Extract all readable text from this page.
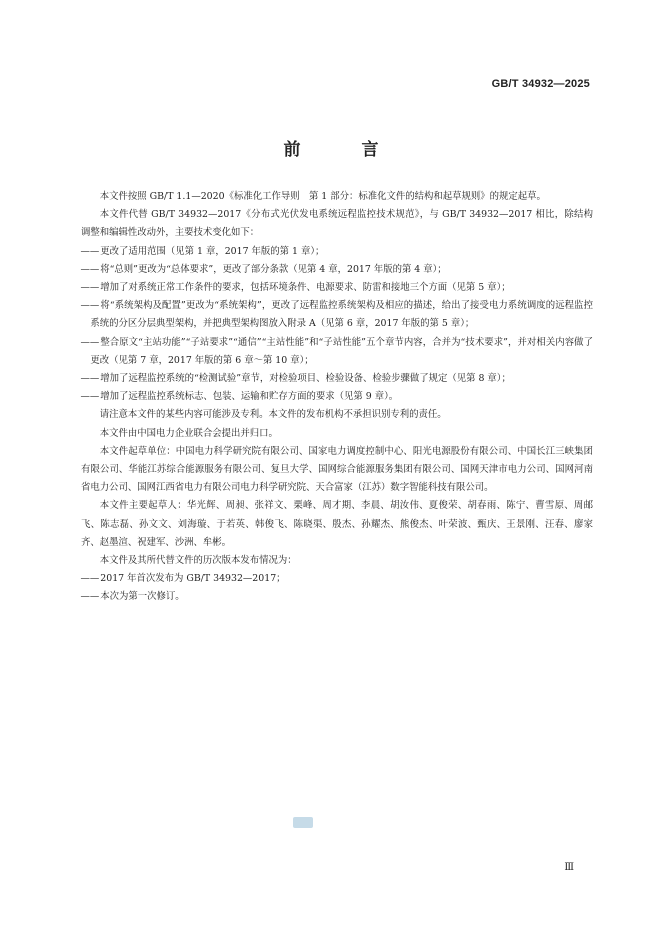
GB/T 34932—2025
前　言

本文件按照 GB/T 1.1—2020《标准化工作导则　第 1 部分：标准化文件的结构和起草规则》的规定起草。

本文件代替 GB/T 34932—2017《分布式光伏发电系统远程监控技术规范》，与 GB/T 34932—2017 相比，除结构调整和编辑性改动外，主要技术变化如下：

——更改了适用范围（见第 1 章，2017 年版的第 1 章）；

——将“总则”更改为“总体要求”，更改了部分条款（见第 4 章，2017 年版的第 4 章）；

——增加了对系统正常工作条件的要求，包括环境条件、电源要求、防雷和接地三个方面（见第 5 章）；

——将“系统架构及配置”更改为“系统架构”，更改了远程监控系统架构及相应的描述，给出了接受电力系统调度的远程监控系统的分区分层典型架构，并把典型架构图放入附录 A（见第 6 章，2017 年版的第 5 章）；

——整合原文“主站功能”“子站要求”“通信”“主站性能”和“子站性能”五个章节内容，合并为“技术要求”，并对相关内容做了更改（见第 7 章，2017 年版的第 6 章～第 10 章）；

——增加了远程监控系统的“检测试验”章节，对检验项目、检验设备、检验步骤做了规定（见第 8 章）；

——增加了远程监控系统标志、包装、运输和贮存方面的要求（见第 9 章）。

请注意本文件的某些内容可能涉及专利。本文件的发布机构不承担识别专利的责任。

本文件由中国电力企业联合会提出并归口。

本文件起草单位：中国电力科学研究院有限公司、国家电力调度控制中心、阳光电源股份有限公司、中国长江三峡集团有限公司、华能江苏综合能源服务有限公司、复旦大学、国网综合能源服务集团有限公司、国网天津市电力公司、国网河南省电力公司、国网江西省电力有限公司电力科学研究院、天合富家（江苏）数字智能科技有限公司。

本文件主要起草人：华光辉、周昶、张祥文、栗峰、周才期、李晨、胡汝伟、夏俊荣、胡春雨、陈宁、曹雪原、周邮飞、陈志磊、孙文文、刘海璇、于若英、韩俊飞、陈晓渠、殷杰、孙耀杰、熊俊杰、叶荣波、甄庆、王景刚、汪春、廖家齐、赵墨渲、祝建军、沙洲、牟彬。

本文件及其所代替文件的历次版本发布情况为：

——2017 年首次发布为 GB/T 34932—2017；

——本次为第一次修订。

Ⅲ
